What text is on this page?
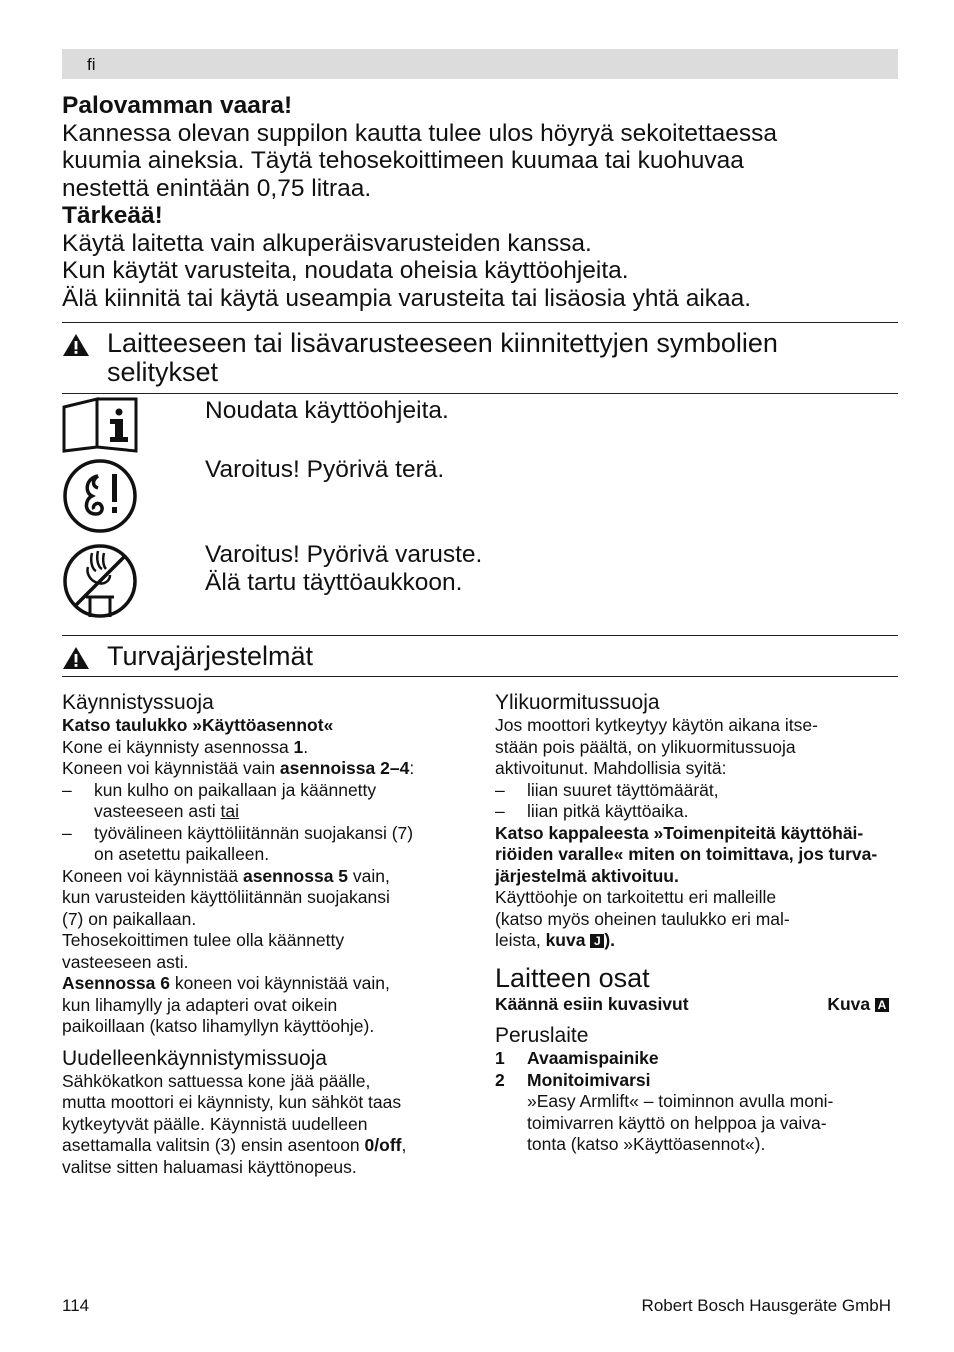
fi

Palovamman vaara!

Kannessa olevan suppilon kautta tulee ulos höyryä sekoitettaessa

kuumia aineksia. Täytä tehosekoittimeen kuumaa tai kuohuvaa

nestettä enintään 0,75 litraa.

Tärkeää!

Käytä laitetta vain alkuperäisvarusteiden kanssa.

Kun käytät varusteita, noudata oheisia käyttöohjeita.

Älä kiinnitä tai käytä useampia varusteita tai lisäosia yhtä aikaa.

Laitteeseen tai lisävarusteeseen kiinnitettyjen symbolien
selitykset

Noudata käyttöohjeita.

Varoitus! Pyörivä terä.

Varoitus! Pyörivä varuste.

Älä tartu täyttöaukkoon.

Turvajärjestelmät

Käynnistyssuoja

Katso taulukko »Käyttöasennot«

Kone ei käynnisty asennossa 1.

Koneen voi käynnistää vain asennoissa 2–4:

– kun kulho on paikallaan ja käännetty
vasteeseen asti tai

– työvälineen käyttöliitännän suojakansi (7)
on asetettu paikalleen.

Koneen voi käynnistää asennossa 5 vain,

kun varusteiden käyttöliitännän suojakansi

(7) on paikallaan.

Tehosekoittimen tulee olla käännetty

vasteeseen asti.

Asennossa 6 koneen voi käynnistää vain,

kun lihamylly ja adapteri ovat oikein

paikoillaan (katso lihamyllyn käyttöohje).

Uudelleenkäynnistymissuoja

Sähkökatkon sattuessa kone jää päälle,

mutta moottori ei käynnisty, kun sähköt taas

kytkeytyvät päälle. Käynnistä uudelleen

asettamalla valitsin (3) ensin asentoon 0/off,

valitse sitten haluamasi käyttönopeus.

Ylikuormitussuoja

Jos moottori kytkeytyy käytön aikana itse-

stään pois päältä, on ylikuormitussuoja

aktivoitunut. Mahdollisia syitä:

– liian suuret täyttömäärät,

– liian pitkä käyttöaika.

Katso kappaleesta »Toimenpiteitä käyttöhäi-

riöiden varalle« miten on toimittava, jos turva-

järjestelmä aktivoituu.

Käyttöohje on tarkoitettu eri malleille

(katso myös oheinen taulukko eri mal-

leista, kuva J ).

Laitteen osat

Käännä esiin kuvasivut	Kuva A

Peruslaite

1 Avaamispainike

2 Monitoimivarsi

»Easy Armlift« – toiminnon avulla moni-

toimivarren käyttö on helppoa ja vaiva-

tonta (katso »Käyttöasennot«).

114	Robert Bosch Hausgeräte GmbH
